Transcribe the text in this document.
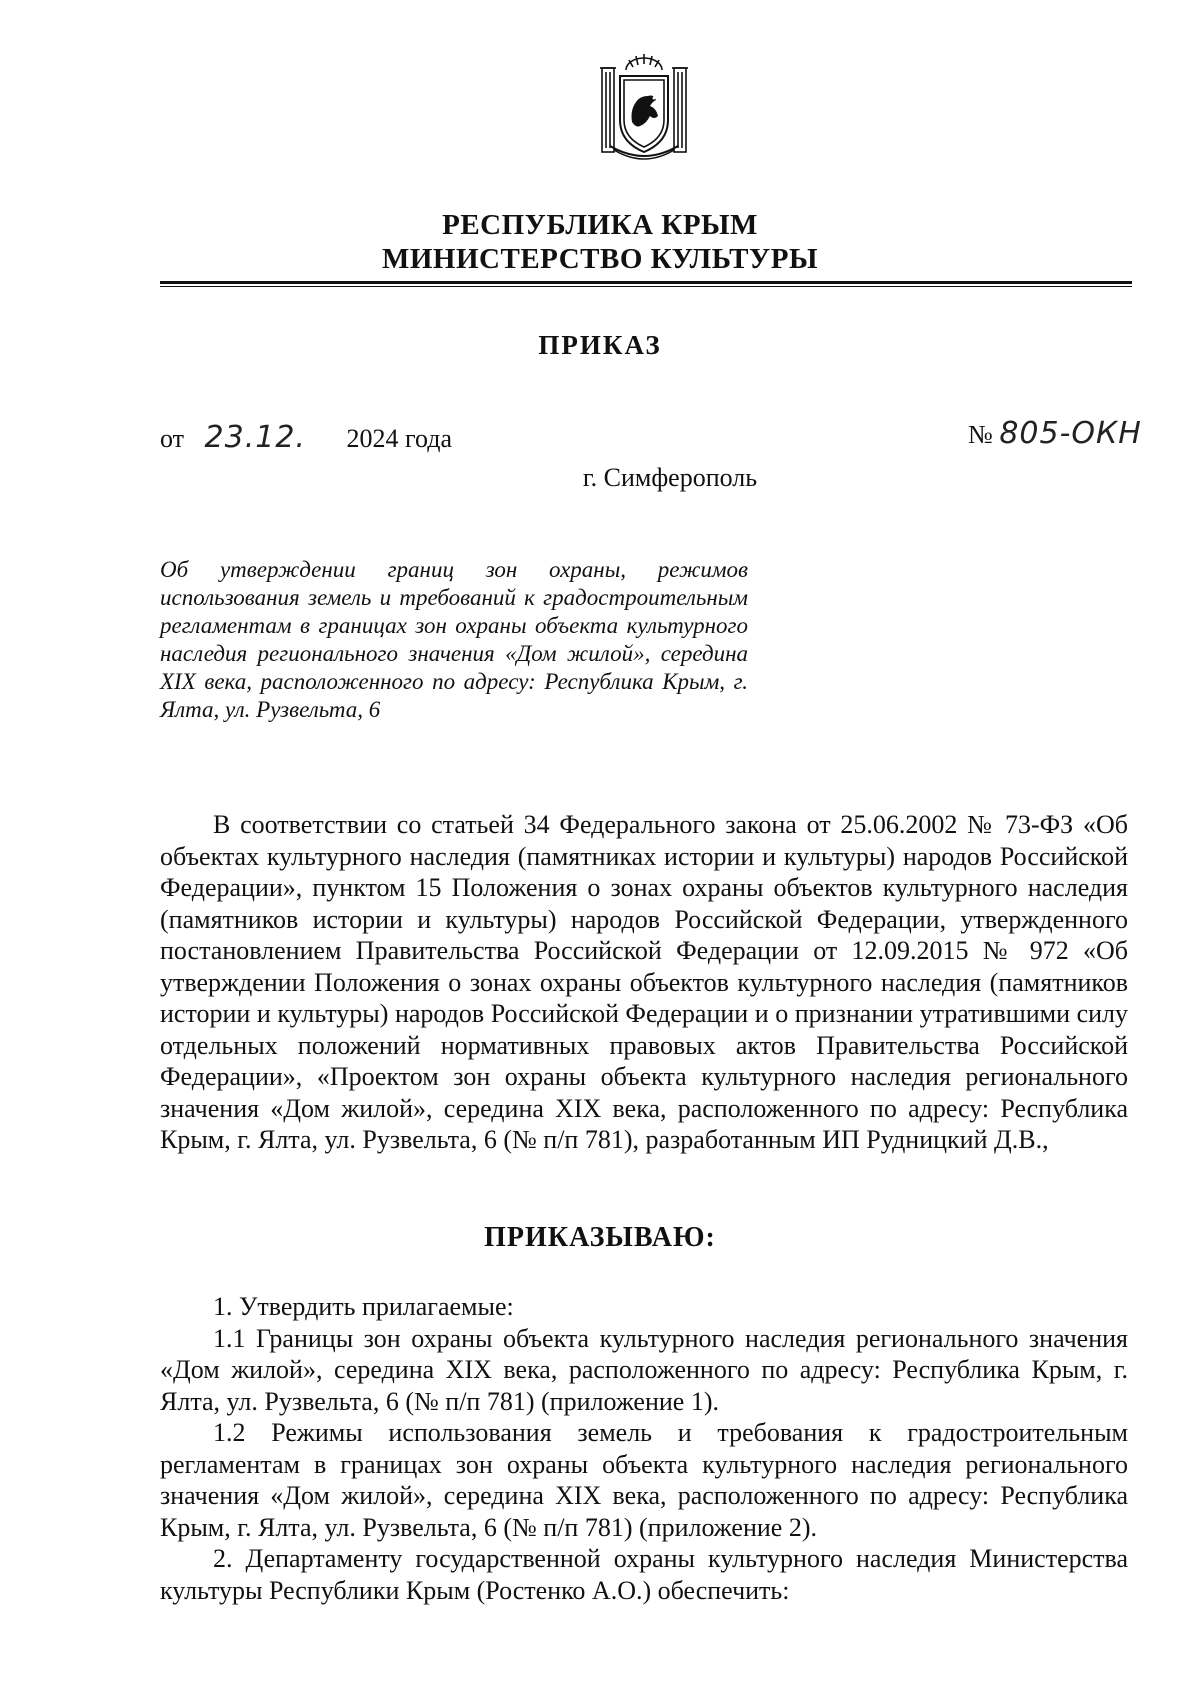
РЕСПУБЛИКА КРЫМ
МИНИСТЕРСТВО КУЛЬТУРЫ
ПРИКАЗ
от 23.12. 2024 года	№ 805-ОКН
г. Симферополь
Об утверждении границ зон охраны, режимов использования земель и требований к градостроительным регламентам в границах зон охраны объекта культурного наследия регионального значения «Дом жилой», середина XIX века, расположенного по адресу: Республика Крым, г. Ялта, ул. Рузвельта, 6

В соответствии со статьей 34 Федерального закона от 25.06.2002 № 73-ФЗ «Об объектах культурного наследия (памятниках истории и культуры) народов Российской Федерации», пунктом 15 Положения о зонах охраны объектов культурного наследия (памятников истории и культуры) народов Российской Федерации, утвержденного постановлением Правительства Российской Федерации от 12.09.2015 № 972 «Об утверждении Положения о зонах охраны объектов культурного наследия (памятников истории и культуры) народов Российской Федерации и о признании утратившими силу отдельных положений нормативных правовых актов Правительства Российской Федерации», «Проектом зон охраны объекта культурного наследия регионального значения «Дом жилой», середина XIX века, расположенного по адресу: Республика Крым, г. Ялта, ул. Рузвельта, 6 (№ п/п 781), разработанным ИП Рудницкий Д.В.,

ПРИКАЗЫВАЮ:

1. Утвердить прилагаемые:

1.1 Границы зон охраны объекта культурного наследия регионального значения «Дом жилой», середина XIX века, расположенного по адресу: Республика Крым, г. Ялта, ул. Рузвельта, 6 (№ п/п 781) (приложение 1).

1.2 Режимы использования земель и требования к градостроительным регламентам в границах зон охраны объекта культурного наследия регионального значения «Дом жилой», середина XIX века, расположенного по адресу: Республика Крым, г. Ялта, ул. Рузвельта, 6 (№ п/п 781) (приложение 2).

2. Департаменту государственной охраны культурного наследия Министерства культуры Республики Крым (Ростенко А.О.) обеспечить:
